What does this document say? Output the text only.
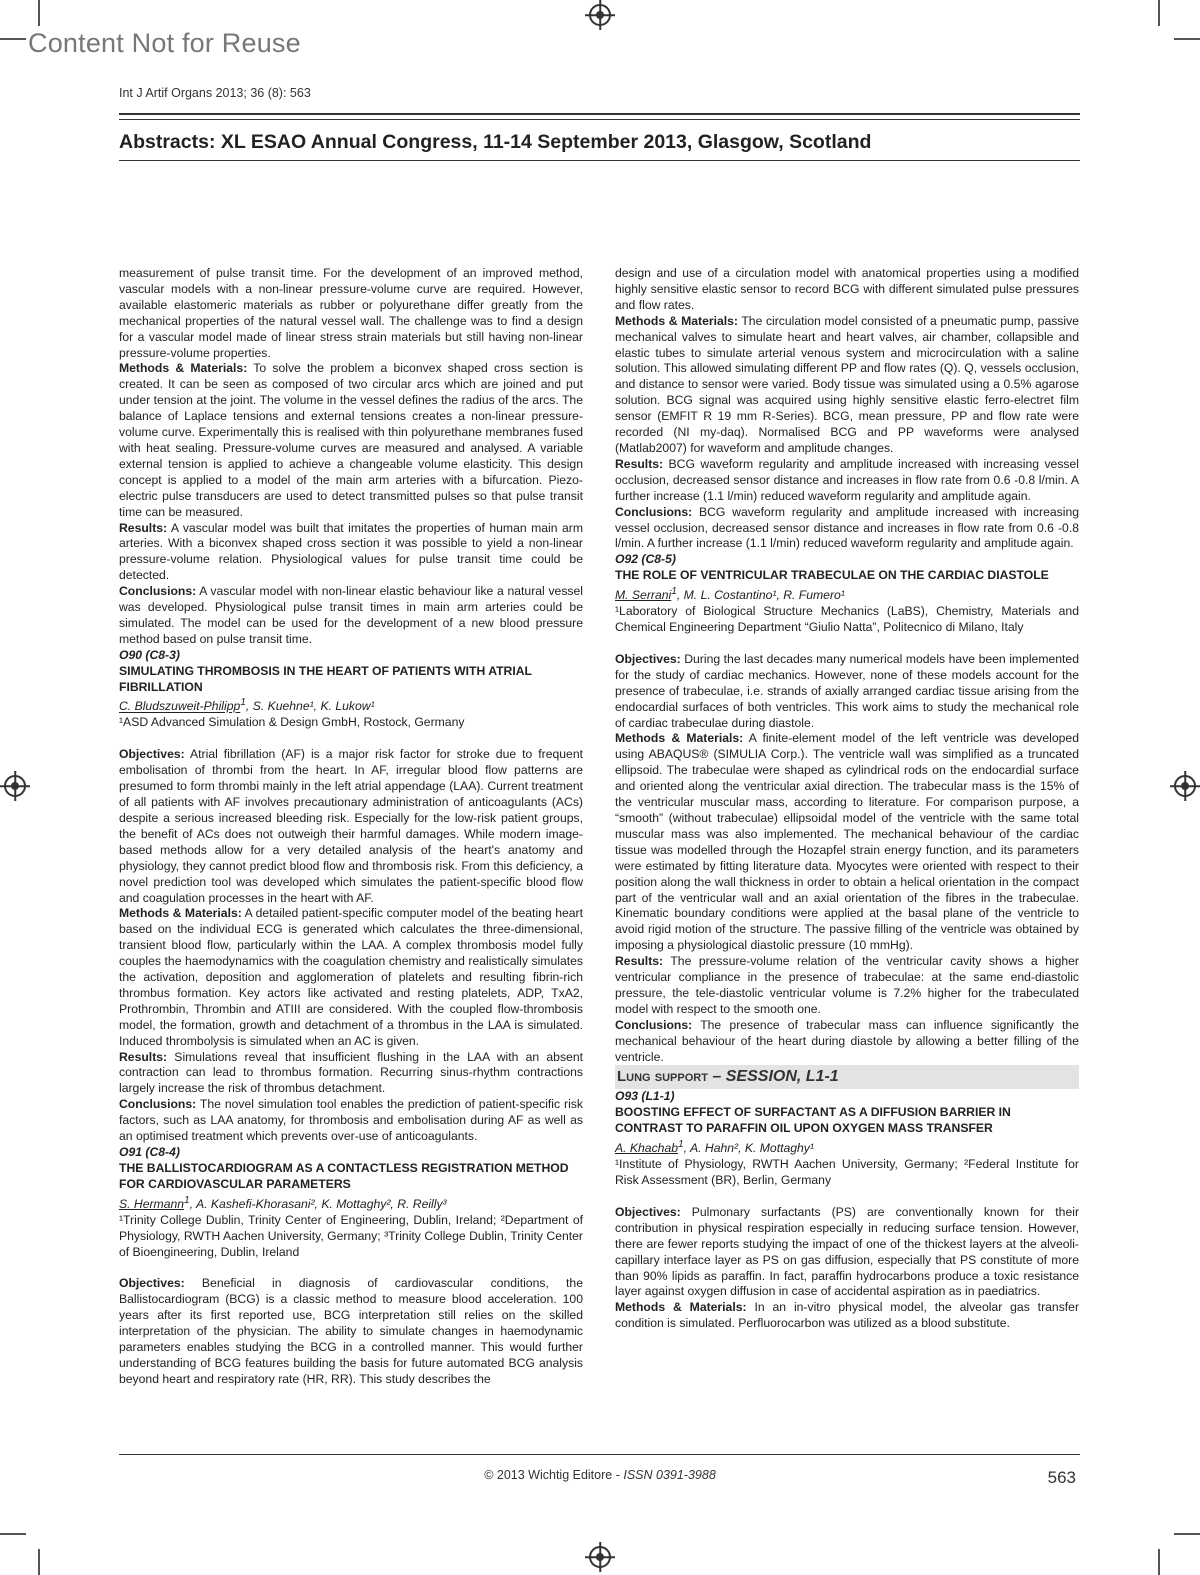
Content Not for Reuse
Int J Artif Organs 2013; 36 (8): 563
Abstracts: XL ESAO Annual Congress, 11-14 September 2013, Glasgow, Scotland

measurement of pulse transit time. For the development of an improved method, vascular models with a non-linear pressure-volume curve are required. However, available elastomeric materials as rubber or polyurethane differ greatly from the mechanical properties of the natural vessel wall. The challenge was to find a design for a vascular model made of linear stress strain materials but still having non-linear pressure-volume properties.

Methods & Materials: To solve the problem a biconvex shaped cross section is created. It can be seen as composed of two circular arcs which are joined and put under tension at the joint. The volume in the vessel defines the radius of the arcs. The balance of Laplace tensions and external tensions creates a non-linear pressure-volume curve. Experimentally this is realised with thin polyurethane membranes fused with heat sealing. Pressure-volume curves are measured and analysed. A variable external tension is applied to achieve a changeable volume elasticity. This design concept is applied to a model of the main arm arteries with a bifurcation. Piezo-electric pulse transducers are used to detect transmitted pulses so that pulse transit time can be measured.

Results: A vascular model was built that imitates the properties of human main arm arteries. With a biconvex shaped cross section it was possible to yield a non-linear pressure-volume relation. Physiological values for pulse transit time could be detected.

Conclusions: A vascular model with non-linear elastic behaviour like a natural vessel was developed. Physiological pulse transit times in main arm arteries could be simulated. The model can be used for the development of a new blood pressure method based on pulse transit time.

O90 (C8-3)

SIMULATING THROMBOSIS IN THE HEART OF PATIENTS WITH ATRIAL FIBRILLATION

C. Bludszuweit-Philipp$^1$, S. Kuehne¹, K. Lukow¹

¹ASD Advanced Simulation & Design GmbH, Rostock, Germany

Objectives: Atrial fibrillation (AF) is a major risk factor for stroke due to frequent embolisation of thrombi from the heart. In AF, irregular blood flow patterns are presumed to form thrombi mainly in the left atrial appendage (LAA). Current treatment of all patients with AF involves precautionary administration of anticoagulants (ACs) despite a serious increased bleeding risk. Especially for the low-risk patient groups, the benefit of ACs does not outweigh their harmful damages. While modern image-based methods allow for a very detailed analysis of the heart's anatomy and physiology, they cannot predict blood flow and thrombosis risk. From this deficiency, a novel prediction tool was developed which simulates the patient-specific blood flow and coagulation processes in the heart with AF.

Methods & Materials: A detailed patient-specific computer model of the beating heart based on the individual ECG is generated which calculates the three-dimensional, transient blood flow, particularly within the LAA. A complex thrombosis model fully couples the haemodynamics with the coagulation chemistry and realistically simulates the activation, deposition and agglomeration of platelets and resulting fibrin-rich thrombus formation. Key actors like activated and resting platelets, ADP, TxA2, Prothrombin, Thrombin and ATIII are considered. With the coupled flow-thrombosis model, the formation, growth and detachment of a thrombus in the LAA is simulated. Induced thrombolysis is simulated when an AC is given.

Results: Simulations reveal that insufficient flushing in the LAA with an absent contraction can lead to thrombus formation. Recurring sinus-rhythm contractions largely increase the risk of thrombus detachment.

Conclusions: The novel simulation tool enables the prediction of patient-specific risk factors, such as LAA anatomy, for thrombosis and embolisation during AF as well as an optimised treatment which prevents over-use of anticoagulants.

O91 (C8-4)

THE BALLISTOCARDIOGRAM AS A CONTACTLESS REGISTRATION METHOD FOR CARDIOVASCULAR PARAMETERS

S. Hermann$^1$, A. Kashefi-Khorasani², K. Mottaghy², R. Reilly³

¹Trinity College Dublin, Trinity Center of Engineering, Dublin, Ireland; ²Department of Physiology, RWTH Aachen University, Germany; ³Trinity College Dublin, Trinity Center of Bioengineering, Dublin, Ireland

Objectives: Beneficial in diagnosis of cardiovascular conditions, the Ballistocardiogram (BCG) is a classic method to measure blood acceleration. 100 years after its first reported use, BCG interpretation still relies on the skilled interpretation of the physician. The ability to simulate changes in haemodynamic parameters enables studying the BCG in a controlled manner. This would further understanding of BCG features building the basis for future automated BCG analysis beyond heart and respiratory rate (HR, RR). This study describes the

design and use of a circulation model with anatomical properties using a modified highly sensitive elastic sensor to record BCG with different simulated pulse pressures and flow rates.

Methods & Materials: The circulation model consisted of a pneumatic pump, passive mechanical valves to simulate heart and heart valves, air chamber, collapsible and elastic tubes to simulate arterial venous system and microcirculation with a saline solution. This allowed simulating different PP and flow rates (Q). Q, vessels occlusion, and distance to sensor were varied. Body tissue was simulated using a 0.5% agarose solution. BCG signal was acquired using highly sensitive elastic ferro-electret film sensor (EMFIT R 19 mm R-Series). BCG, mean pressure, PP and flow rate were recorded (NI my-daq). Normalised BCG and PP waveforms were analysed (Matlab2007) for waveform and amplitude changes.

Results: BCG waveform regularity and amplitude increased with increasing vessel occlusion, decreased sensor distance and increases in flow rate from 0.6 -0.8 l/min. A further increase (1.1 l/min) reduced waveform regularity and amplitude again.

Conclusions: BCG waveform regularity and amplitude increased with increasing vessel occlusion, decreased sensor distance and increases in flow rate from 0.6 -0.8 l/min. A further increase (1.1 l/min) reduced waveform regularity and amplitude again.

O92 (C8-5)

THE ROLE OF VENTRICULAR TRABECULAE ON THE CARDIAC DIASTOLE

M. Serrani$^1$, M. L. Costantino¹, R. Fumero¹

¹Laboratory of Biological Structure Mechanics (LaBS), Chemistry, Materials and Chemical Engineering Department “Giulio Natta”, Politecnico di Milano, Italy

Objectives: During the last decades many numerical models have been implemented for the study of cardiac mechanics. However, none of these models account for the presence of trabeculae, i.e. strands of axially arranged cardiac tissue arising from the endocardial surfaces of both ventricles. This work aims to study the mechanical role of cardiac trabeculae during diastole.

Methods & Materials: A finite-element model of the left ventricle was developed using ABAQUS® (SIMULIA Corp.). The ventricle wall was simplified as a truncated ellipsoid. The trabeculae were shaped as cylindrical rods on the endocardial surface and oriented along the ventricular axial direction. The trabecular mass is the 15% of the ventricular muscular mass, according to literature. For comparison purpose, a “smooth” (without trabeculae) ellipsoidal model of the ventricle with the same total muscular mass was also implemented. The mechanical behaviour of the cardiac tissue was modelled through the Hozapfel strain energy function, and its parameters were estimated by fitting literature data. Myocytes were oriented with respect to their position along the wall thickness in order to obtain a helical orientation in the compact part of the ventricular wall and an axial orientation of the fibres in the trabeculae. Kinematic boundary conditions were applied at the basal plane of the ventricle to avoid rigid motion of the structure. The passive filling of the ventricle was obtained by imposing a physiological diastolic pressure (10 mmHg).

Results: The pressure-volume relation of the ventricular cavity shows a higher ventricular compliance in the presence of trabeculae: at the same end-diastolic pressure, the tele-diastolic ventricular volume is 7.2% higher for the trabeculated model with respect to the smooth one.

Conclusions: The presence of trabecular mass can influence significantly the mechanical behaviour of the heart during diastole by allowing a better filling of the ventricle.

Lung support – SESSION, L1-1

O93 (L1-1)

BOOSTING EFFECT OF SURFACTANT AS A DIFFUSION BARRIER IN CONTRAST TO PARAFFIN OIL UPON OXYGEN MASS TRANSFER

A. Khachab$^1$, A. Hahn², K. Mottaghy¹

¹Institute of Physiology, RWTH Aachen University, Germany; ²Federal Institute for Risk Assessment (BR), Berlin, Germany

Objectives: Pulmonary surfactants (PS) are conventionally known for their contribution in physical respiration especially in reducing surface tension. However, there are fewer reports studying the impact of one of the thickest layers at the alveoli-capillary interface layer as PS on gas diffusion, especially that PS constitute of more than 90% lipids as paraffin. In fact, paraffin hydrocarbons produce a toxic resistance layer against oxygen diffusion in case of accidental aspiration as in paediatrics.

Methods & Materials: In an in-vitro physical model, the alveolar gas transfer condition is simulated. Perfluorocarbon was utilized as a blood substitute.

© 2013 Wichtig Editore - ISSN 0391-3988	563
